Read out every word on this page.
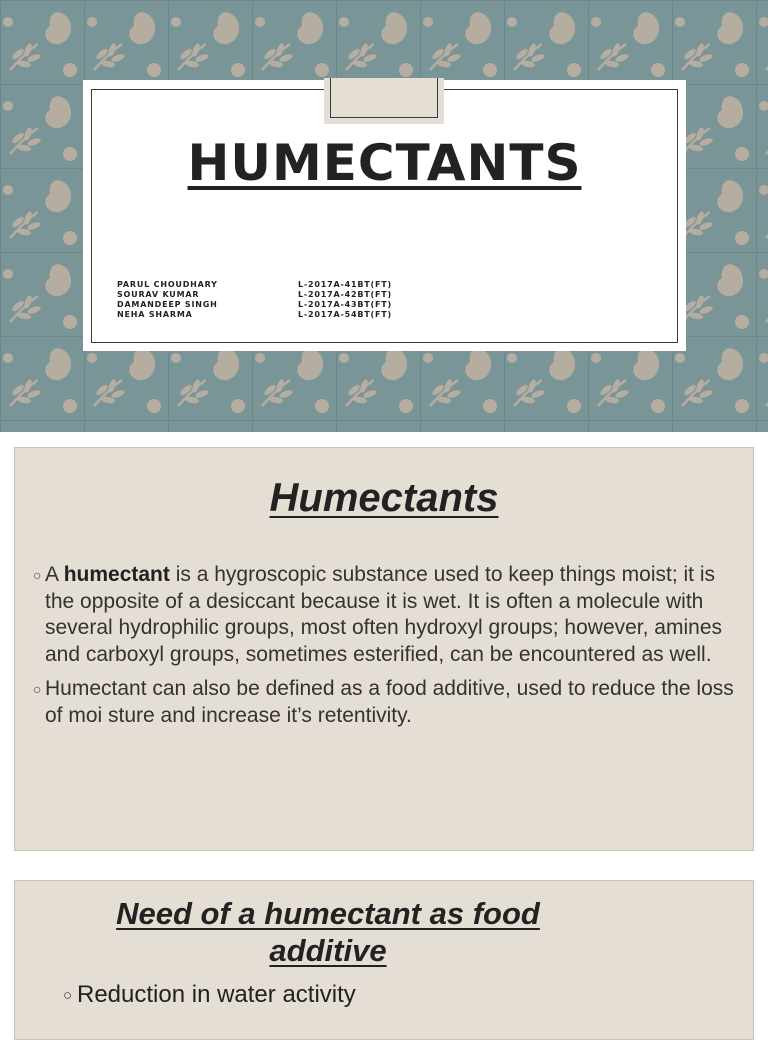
HUMECTANTS
PARUL CHOUDHARY	L-2017A-41BT(FT)
SOURAV KUMAR	L-2017A-42BT(FT)
DAMANDEEP SINGH	L-2017A-43BT(FT)
NEHA SHARMA	L-2017A-54BT(FT)
Humectants
○ A humectant is a hygroscopic substance used to keep things moist; it is the opposite of a desiccant because it is wet. It is often a molecule with several hydrophilic groups, most often hydroxyl groups; however, amines and carboxyl groups, sometimes esterified, can be encountered as well.
○ Humectant can also be defined as a food additive, used to reduce the loss of moi sture and increase it’s retentivity.
Need of a humectant as food additive
○ Reduction in water activity
